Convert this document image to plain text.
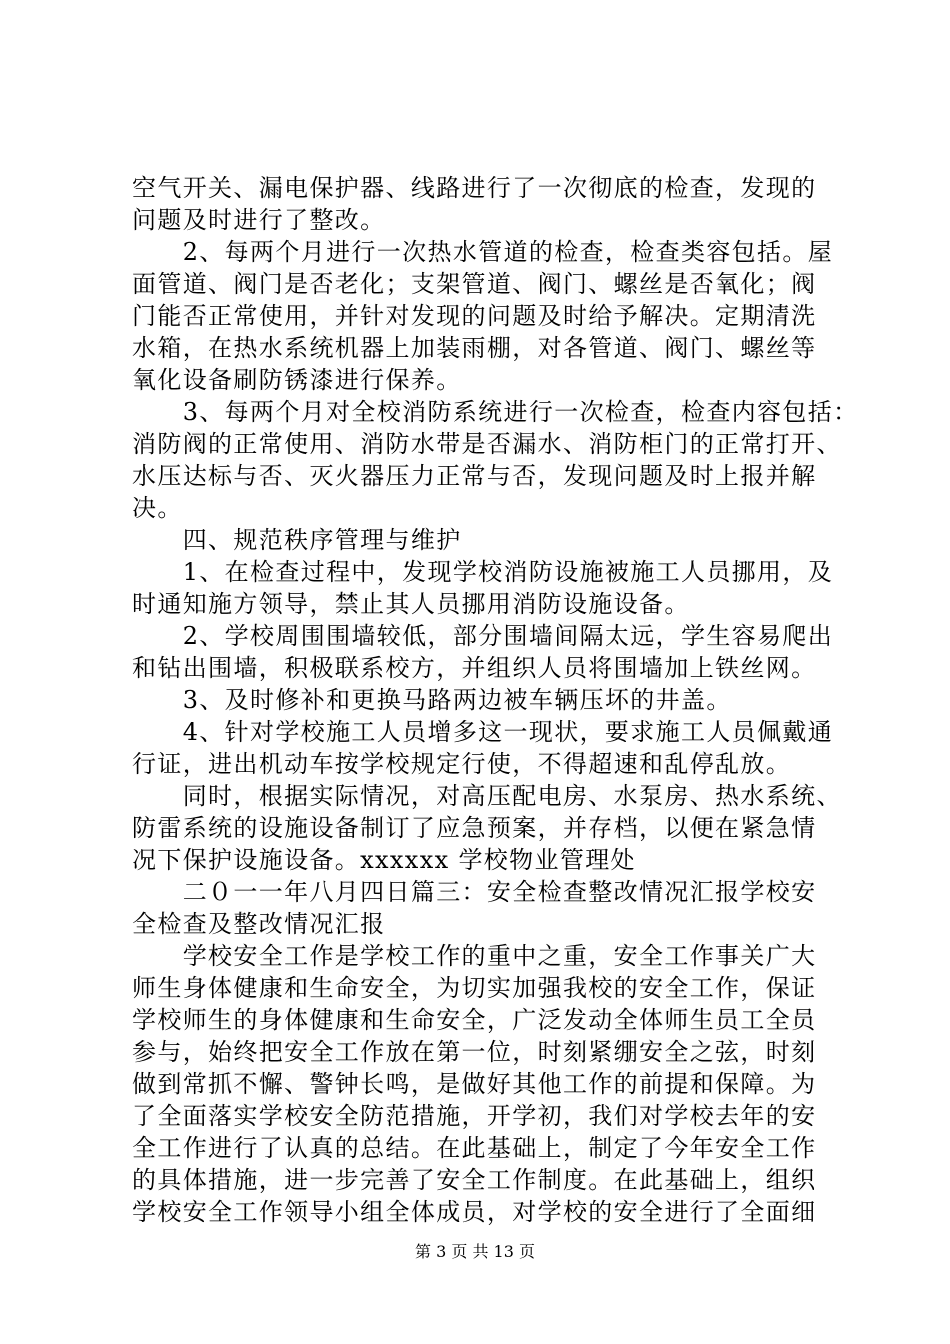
空气开关、漏电保护器、线路进行了一次彻底的检查，发现的
问题及时进行了整改。
　　2、每两个月进行一次热水管道的检查，检查类容包括。屋
面管道、阀门是否老化；支架管道、阀门、螺丝是否氧化；阀
门能否正常使用，并针对发现的问题及时给予解决。定期清洗
水箱，在热水系统机器上加装雨棚，对各管道、阀门、螺丝等
氧化设备刷防锈漆进行保养。
　　3、每两个月对全校消防系统进行一次检查，检查内容包括：
消防阀的正常使用、消防水带是否漏水、消防柜门的正常打开、
水压达标与否、灭火器压力正常与否，发现问题及时上报并解
决。
　　四、规范秩序管理与维护
　　1、在检查过程中，发现学校消防设施被施工人员挪用，及
时通知施方领导，禁止其人员挪用消防设施设备。
　　2、学校周围围墙较低，部分围墙间隔太远，学生容易爬出
和钻出围墙，积极联系校方，并组织人员将围墙加上铁丝网。
　　3、及时修补和更换马路两边被车辆压坏的井盖。
　　4、针对学校施工人员增多这一现状，要求施工人员佩戴通
行证，进出机动车按学校规定行使，不得超速和乱停乱放。
　　同时，根据实际情况，对高压配电房、水泵房、热水系统、
防雷系统的设施设备制订了应急预案，并存档，以便在紧急情
况下保护设施设备。xxxxxx 学校物业管理处
　　二０一一年八月四日篇三：安全检查整改情况汇报学校安
全检查及整改情况汇报
　　学校安全工作是学校工作的重中之重，安全工作事关广大
师生身体健康和生命安全，为切实加强我校的安全工作，保证
学校师生的身体健康和生命安全，广泛发动全体师生员工全员
参与，始终把安全工作放在第一位，时刻紧绷安全之弦，时刻
做到常抓不懈、警钟长鸣，是做好其他工作的前提和保障。为
了全面落实学校安全防范措施，开学初，我们对学校去年的安
全工作进行了认真的总结。在此基础上，制定了今年安全工作
的具体措施，进一步完善了安全工作制度。在此基础上，组织
学校安全工作领导小组全体成员，对学校的安全进行了全面细
第 3 页 共 13 页
